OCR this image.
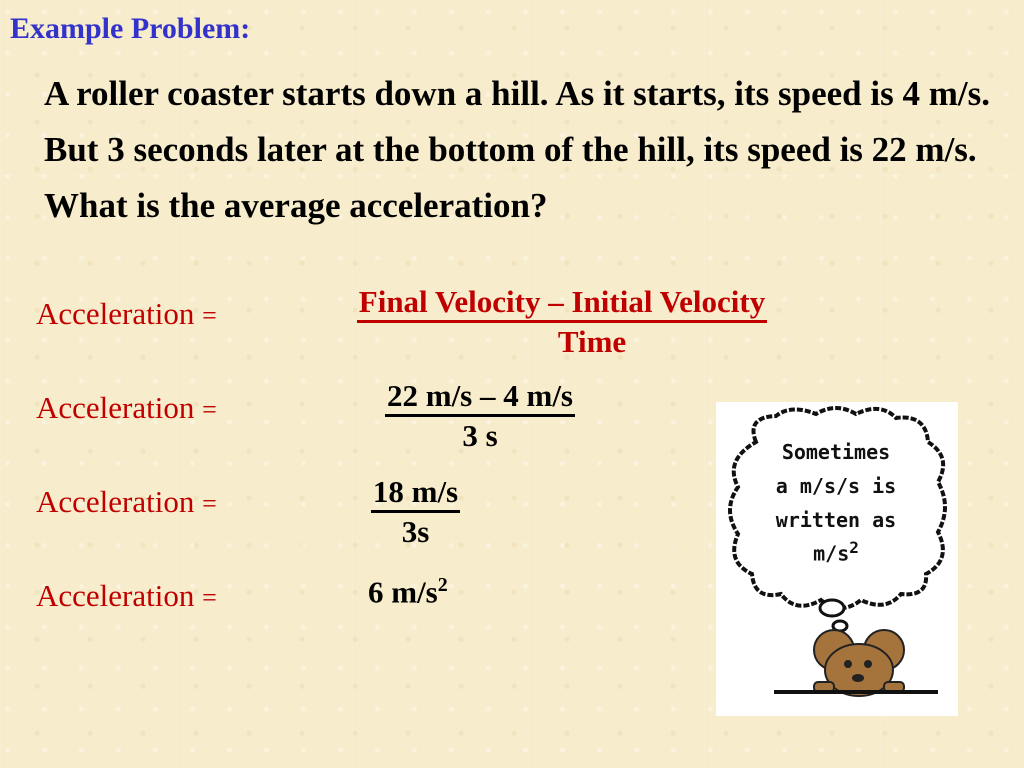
Example Problem:
A roller coaster starts down a hill. As it starts, its speed is 4 m/s. But 3 seconds later at the bottom of the hill, its speed is 22 m/s. What is the average acceleration?
Acceleration =
Acceleration =
Acceleration =
Acceleration =
Final Velocity – Initial Velocity
Time
$\frac{22 m/s - 4 m/s}{3 s}$
$\frac{18 m/s}{3s}$
6 $m/s^2$
Sometimes
a m/s/s is
written as
$m/s^2$
